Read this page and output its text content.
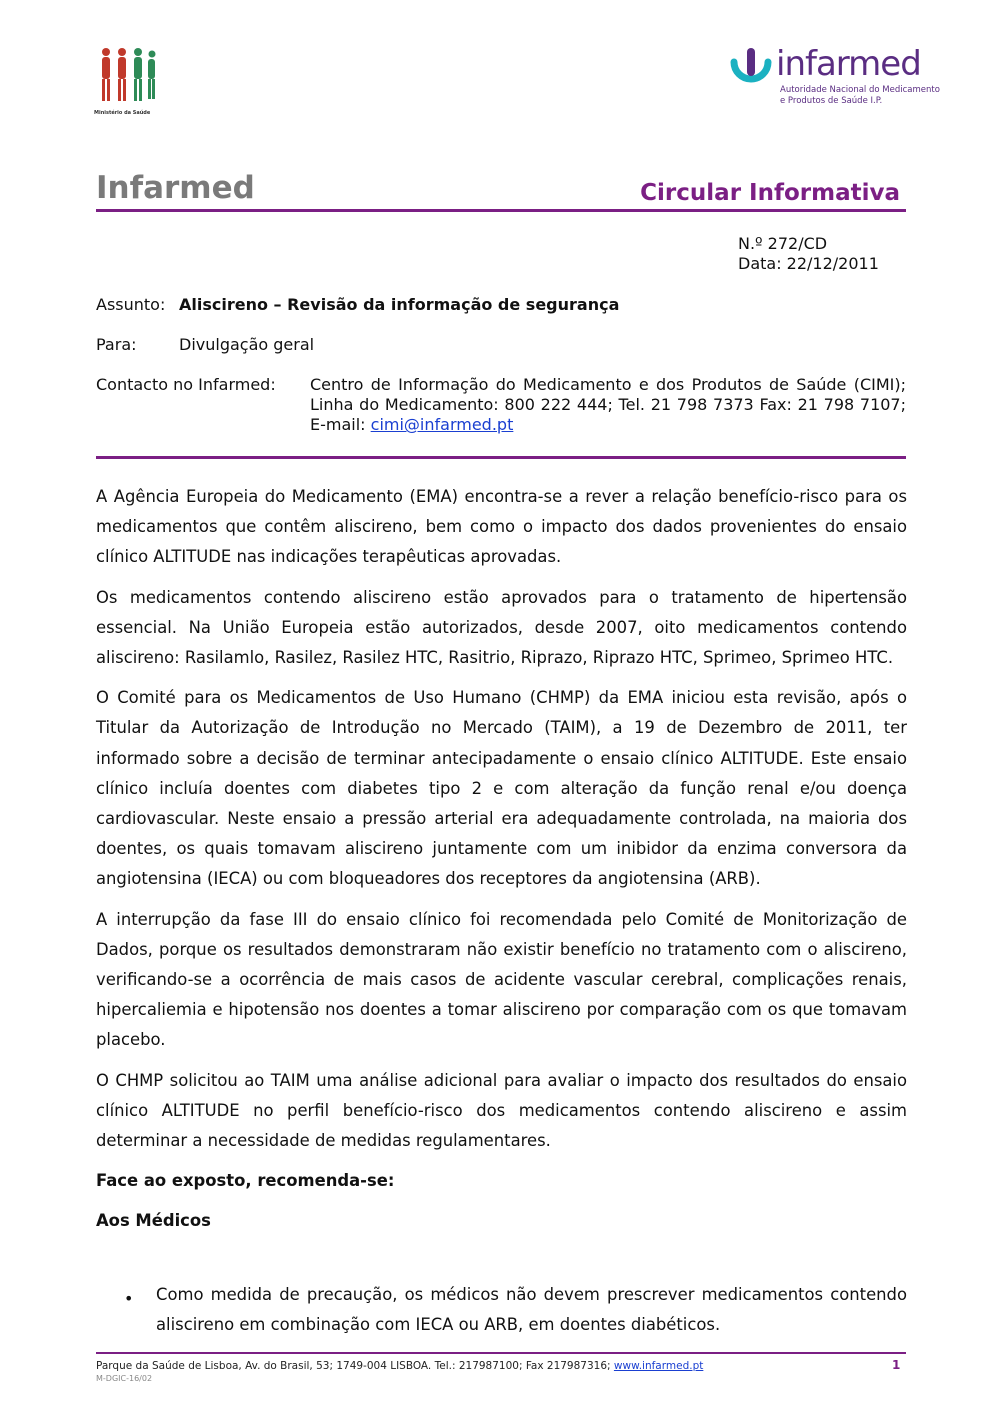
Ministério da Saúde
infarmed
Autoridade Nacional do Medicamento
e Produtos de Saúde I.P.
Infarmed	Circular Informativa
N.º 272/CD
Data: 22/12/2011
Assunto: Aliscireno – Revisão da informação de segurança
Para:	Divulgação geral
Contacto no Infarmed: Centro de Informação do Medicamento e dos Produtos de Saúde (CIMI); Linha do Medicamento: 800 222 444; Tel. 21 798 7373 Fax: 21 798 7107; E-mail: cimi@infarmed.pt

A Agência Europeia do Medicamento (EMA) encontra-se a rever a relação benefício-risco para os medicamentos que contêm aliscireno, bem como o impacto dos dados provenientes do ensaio clínico ALTITUDE nas indicações terapêuticas aprovadas.

Os medicamentos contendo aliscireno estão aprovados para o tratamento de hipertensão essencial. Na União Europeia estão autorizados, desde 2007, oito medicamentos contendo aliscireno: Rasilamlo, Rasilez, Rasilez HTC, Rasitrio, Riprazo, Riprazo HTC, Sprimeo, Sprimeo HTC.

O Comité para os Medicamentos de Uso Humano (CHMP) da EMA iniciou esta revisão, após o Titular da Autorização de Introdução no Mercado (TAIM), a 19 de Dezembro de 2011, ter informado sobre a decisão de terminar antecipadamente o ensaio clínico ALTITUDE. Este ensaio clínico incluía doentes com diabetes tipo 2 e com alteração da função renal e/ou doença cardiovascular. Neste ensaio a pressão arterial era adequadamente controlada, na maioria dos doentes, os quais tomavam aliscireno juntamente com um inibidor da enzima conversora da angiotensina (IECA) ou com bloqueadores dos receptores da angiotensina (ARB).

A interrupção da fase III do ensaio clínico foi recomendada pelo Comité de Monitorização de Dados, porque os resultados demonstraram não existir benefício no tratamento com o aliscireno, verificando-se a ocorrência de mais casos de acidente vascular cerebral, complicações renais, hipercaliemia e hipotensão nos doentes a tomar aliscireno por comparação com os que tomavam placebo.

O CHMP solicitou ao TAIM uma análise adicional para avaliar o impacto dos resultados do ensaio clínico ALTITUDE no perfil benefício-risco dos medicamentos contendo aliscireno e assim determinar a necessidade de medidas regulamentares.

Face ao exposto, recomenda-se:

Aos Médicos

• Como medida de precaução, os médicos não devem prescrever medicamentos contendo aliscireno em combinação com IECA ou ARB, em doentes diabéticos.
Parque da Saúde de Lisboa, Av. do Brasil, 53; 1749-004 LISBOA. Tel.: 217987100; Fax 217987316; www.infarmed.pt
M-DGIC-16/02
1
